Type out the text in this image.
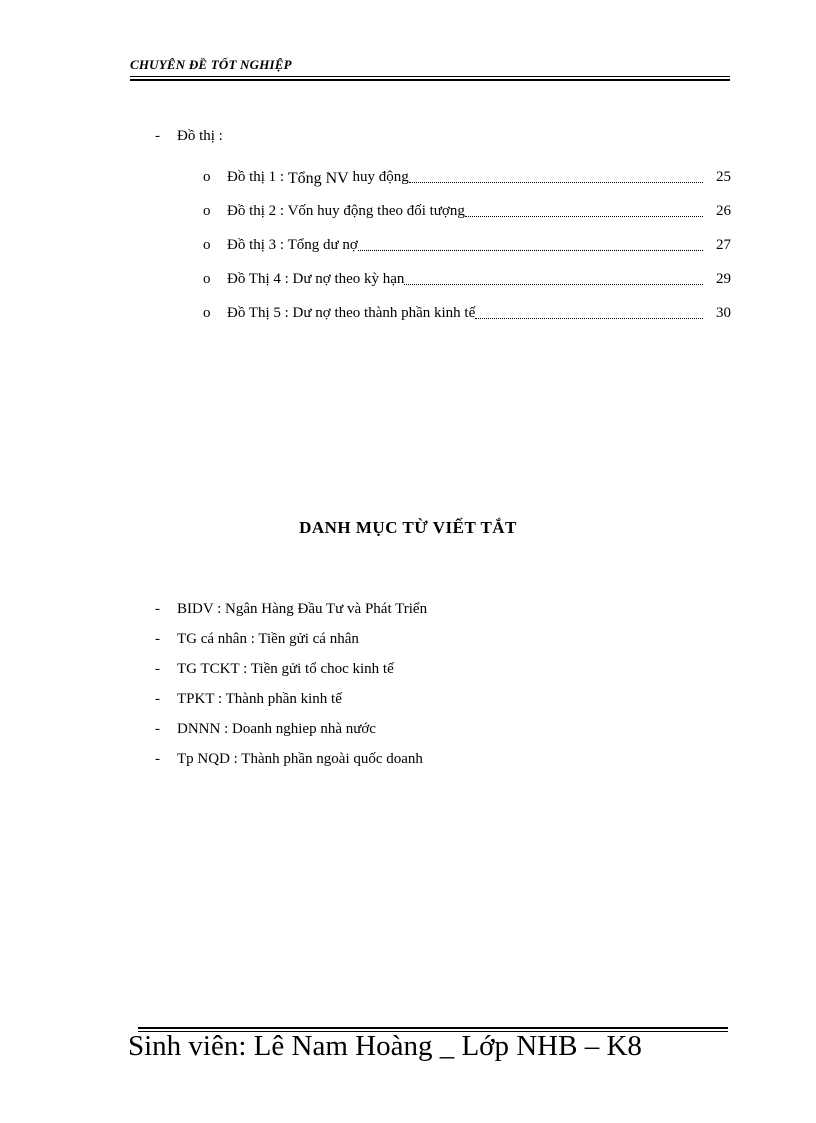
CHUYÊN ĐỀ TỐT NGHIỆP
- Đồ thị :
o	Đồ thị 1 : Tổng NV huy động	25
o	Đồ thị 2 : Vốn huy động theo đối tượng	26
o	Đồ thị 3 : Tổng dư nợ	27
o	Đồ Thị 4 : Dư nợ theo kỳ hạn	29
o	Đồ Thị 5 : Dư nợ theo thành phần kinh tế	30
DANH MỤC TỪ VIẾT TẮT
-	BIDV : Ngân Hàng Đầu Tư và Phát Triển
-	TG cá nhân : Tiền gửi cá nhân
-	TG TCKT : Tiền gửi tổ choc kinh tế
-	TPKT : Thành phần kinh tế
-	DNNN : Doanh nghiep nhà nước
-	Tp NQD : Thành phần ngoài quốc doanh
Sinh viên: Lê Nam Hoàng _ Lớp NHB – K8
